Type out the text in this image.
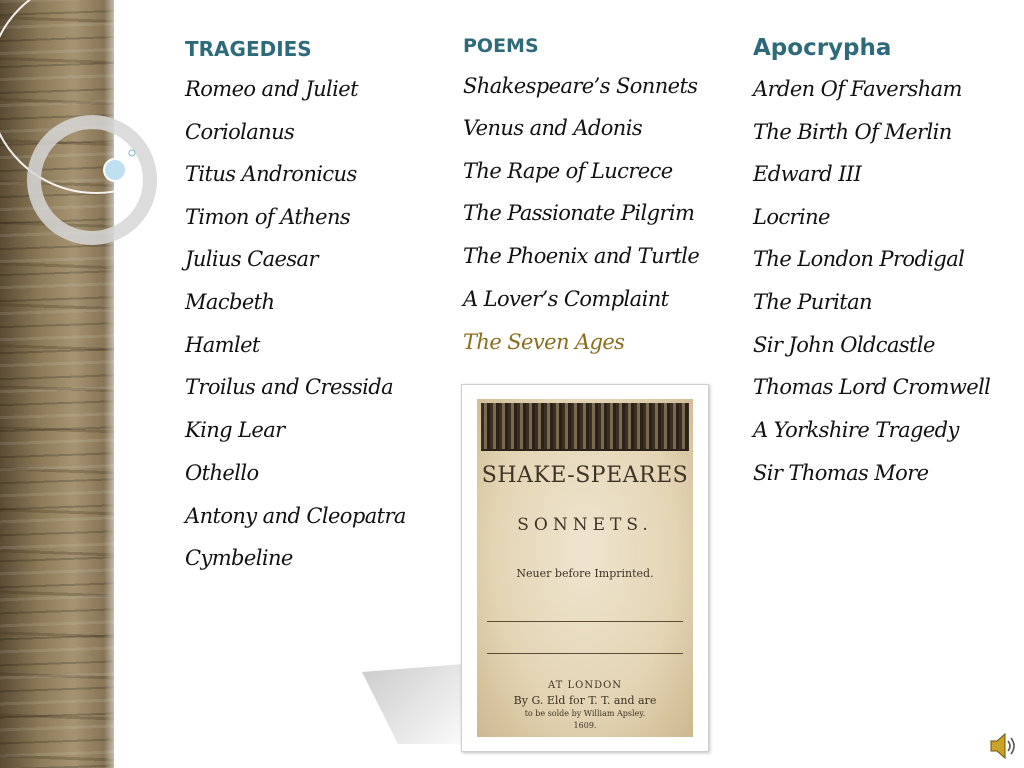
TRAGEDIES
Romeo and Juliet
Coriolanus
Titus Andronicus
Timon of Athens
Julius Caesar
Macbeth
Hamlet
Troilus and Cressida
King Lear
Othello
Antony and Cleopatra
Cymbeline
POEMS
Shakespeare’s Sonnets
Venus and Adonis
The Rape of Lucrece
The Passionate Pilgrim
The Phoenix and Turtle
A Lover’s Complaint
The Seven Ages
Apocrypha
Arden Of Faversham
The Birth Of Merlin
Edward III
Locrine
The London Prodigal
The Puritan
Sir John Oldcastle
Thomas Lord Cromwell
A Yorkshire Tragedy
Sir Thomas More
SHAKE-SPEARES
SONNETS.
Neuer before Imprinted.
AT LONDON
By G. Eld for T. T. and are
to be solde by William Apsley.
1609.
